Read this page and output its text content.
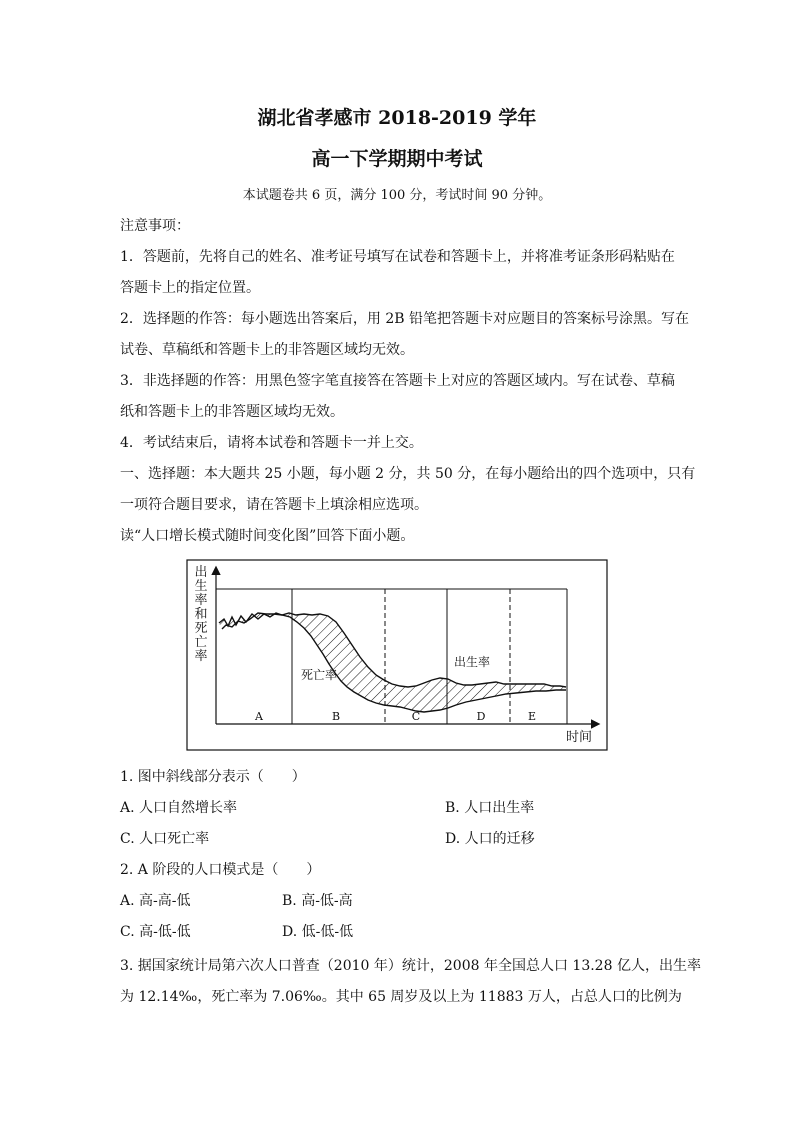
湖北省孝感市 2018-2019 学年
高一下学期期中考试
本试题卷共 6 页，满分 100 分，考试时间 90 分钟。
注意事项：
1．答题前，先将自己的姓名、准考证号填写在试卷和答题卡上，并将准考证条形码粘贴在
答题卡上的指定位置。
2．选择题的作答：每小题选出答案后，用 2B 铅笔把答题卡对应题目的答案标号涂黑。写在
试卷、草稿纸和答题卡上的非答题区域均无效。
3．非选择题的作答：用黑色签字笔直接答在答题卡上对应的答题区域内。写在试卷、草稿
纸和答题卡上的非答题区域均无效。
4．考试结束后，请将本试卷和答题卡一并上交。
一、选择题：本大题共 25 小题，每小题 2 分，共 50 分，在每小题给出的四个选项中，只有
一项符合题目要求，请在答题卡上填涂相应选项。
读“人口增长模式随时间变化图”回答下面小题。
出
生
率
和
死
亡
率
A	B	C	D	E
出生率
死亡率
时间
1. 图中斜线部分表示（　　）
A. 人口自然增长率	B. 人口出生率
C. 人口死亡率	D. 人口的迁移
2. A 阶段的人口模式是（　　）
A. 高-高-低	B. 高-低-高
C. 高-低-低	D. 低-低-低
3. 据国家统计局第六次人口普查（2010 年）统计，2008 年全国总人口 13.28 亿人，出生率
为 12.14‰，死亡率为 7.06‰。其中 65 周岁及以上为 11883 万人，占总人口的比例为
